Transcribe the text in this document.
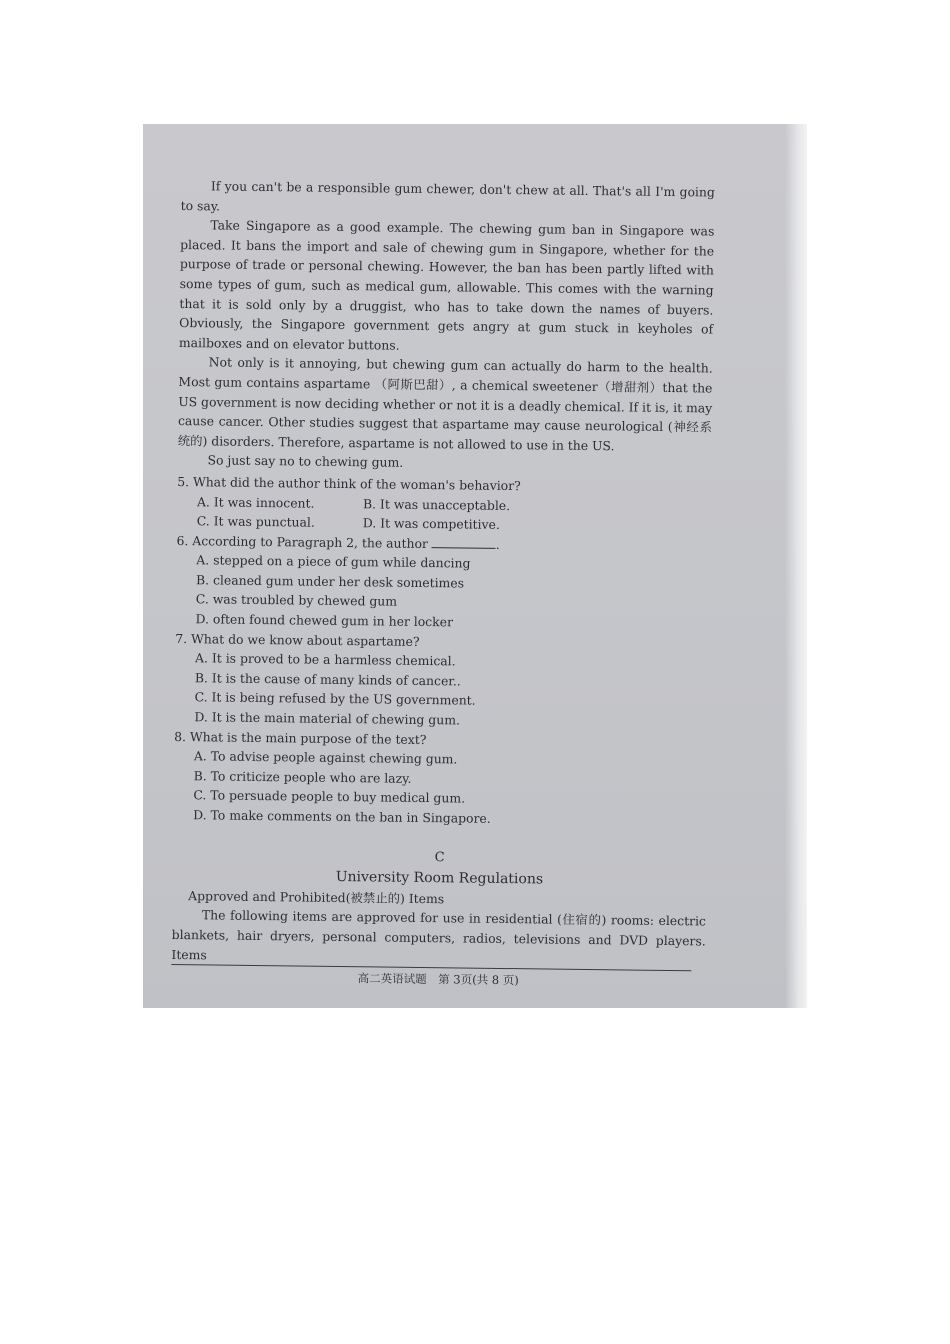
If you can't be a responsible gum chewer, don't chew at all. That's all I'm going to say.

Take Singapore as a good example. The chewing gum ban in Singapore was placed. It bans the import and sale of chewing gum in Singapore, whether for the purpose of trade or personal chewing. However, the ban has been partly lifted with some types of gum, such as medical gum, allowable. This comes with the warning that it is sold only by a druggist, who has to take down the names of buyers. Obviously, the Singapore government gets angry at gum stuck in keyholes of mailboxes and on elevator buttons.

Not only is it annoying, but chewing gum can actually do harm to the health. Most gum contains aspartame （阿斯巴甜）, a chemical sweetener（增甜剂）that the US government is now deciding whether or not it is a deadly chemical. If it is, it may cause cancer. Other studies suggest that aspartame may cause neurological (神经系统的) disorders. Therefore, aspartame is not allowed to use in the US.

So just say no to chewing gum.

5. What did the author think of the woman's behavior?

A. It was innocent.	B. It was unacceptable.
C. It was punctual.	D. It was competitive.

6. According to Paragraph 2, the author	.

A. stepped on a piece of gum while dancing
B. cleaned gum under her desk sometimes
C. was troubled by chewed gum
D. often found chewed gum in her locker

7. What do we know about aspartame?

A. It is proved to be a harmless chemical.
B. It is the cause of many kinds of cancer..
C. It is being refused by the US government.
D. It is the main material of chewing gum.

8. What is the main purpose of the text?

A. To advise people against chewing gum.
B. To criticize people who are lazy.
C. To persuade people to buy medical gum.
D. To make comments on the ban in Singapore.
C
University Room Regulations

Approved and Prohibited(被禁止的) Items

The following items are approved for use in residential (住宿的) rooms: electric blankets, hair dryers, personal computers, radios, televisions and DVD players. Items

高二英语试题　第 3页(共 8 页)
